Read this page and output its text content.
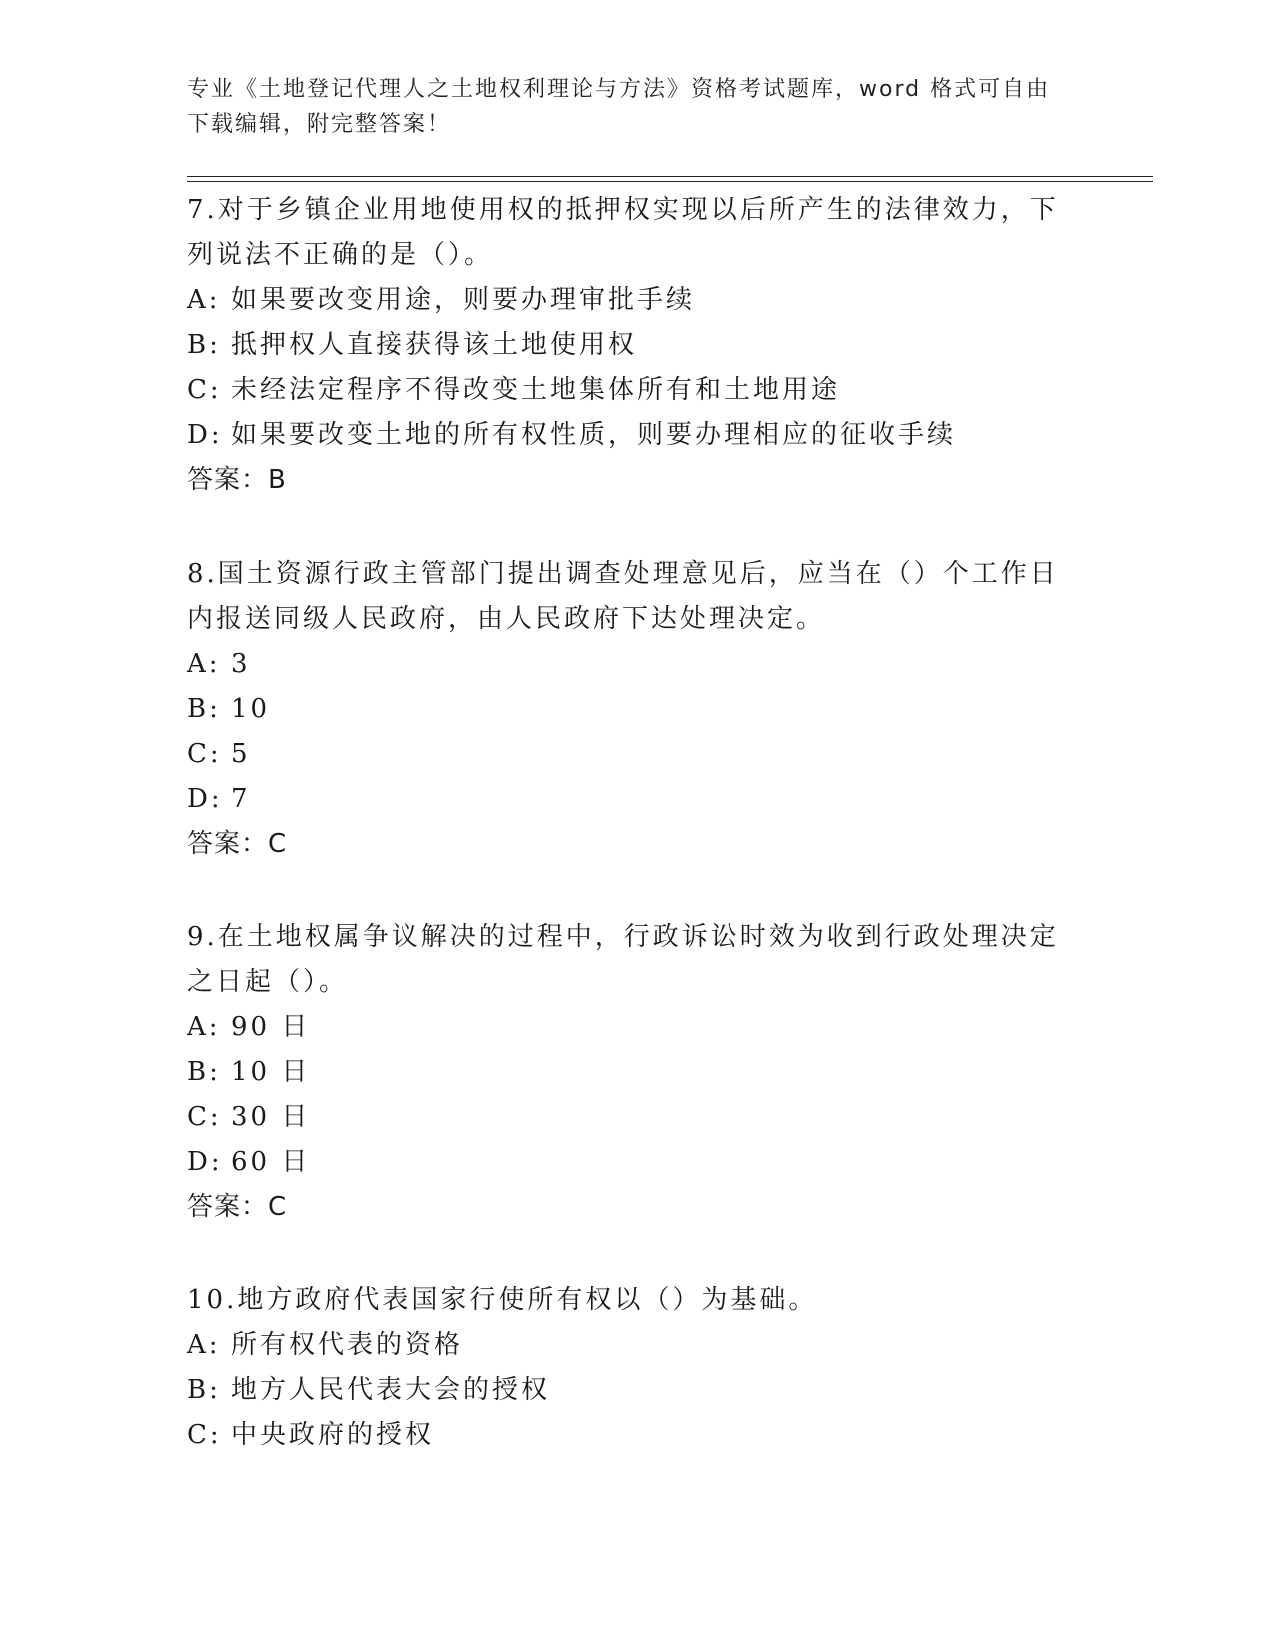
专业《土地登记代理人之土地权利理论与方法》资格考试题库，word 格式可自由
下载编辑，附完整答案！

7.对于乡镇企业用地使用权的抵押权实现以后所产生的法律效力，下

列说法不正确的是（）。

A: 如果要改变用途，则要办理审批手续

B: 抵押权人直接获得该土地使用权

C: 未经法定程序不得改变土地集体所有和土地用途

D: 如果要改变土地的所有权性质，则要办理相应的征收手续

答案：B

8.国土资源行政主管部门提出调查处理意见后，应当在（）个工作日

内报送同级人民政府，由人民政府下达处理决定。

A: 3

B: 10

C: 5

D: 7

答案：C

9.在土地权属争议解决的过程中，行政诉讼时效为收到行政处理决定

之日起（）。

A: 90 日

B: 10 日

C: 30 日

D: 60 日

答案：C

10.地方政府代表国家行使所有权以（）为基础。

A: 所有权代表的资格

B: 地方人民代表大会的授权

C: 中央政府的授权
